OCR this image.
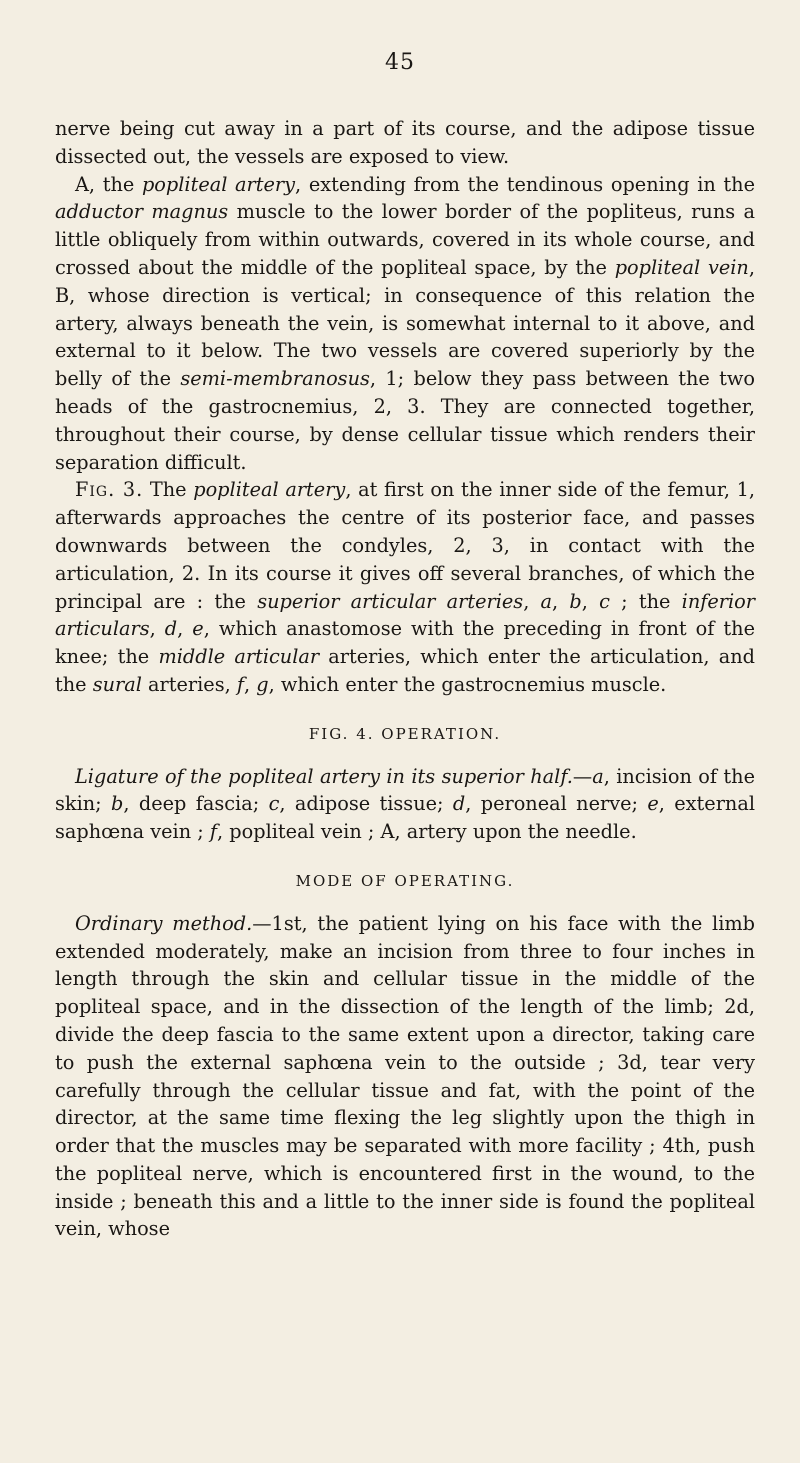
45

nerve being cut away in a part of its course, and the adipose tissue dissected out, the vessels are exposed to view.

A, the popliteal artery, extending from the tendinous opening in the adductor magnus muscle to the lower border of the popliteus, runs a little obliquely from within outwards, covered in its whole course, and crossed about the middle of the popliteal space, by the popliteal vein, B, whose direction is vertical; in consequence of this relation the artery, always beneath the vein, is somewhat internal to it above, and external to it below. The two vessels are covered superiorly by the belly of the semi-membranosus, 1; below they pass between the two heads of the gastrocnemius, 2, 3. They are connected together, throughout their course, by dense cellular tissue which renders their separation difficult.

Fig. 3. The popliteal artery, at first on the inner side of the femur, 1, afterwards approaches the centre of its posterior face, and passes downwards between the condyles, 2, 3, in contact with the articulation, 2. In its course it gives off several branches, of which the principal are : the superior articular arteries, a, b, c ; the inferior articulars, d, e, which anastomose with the preceding in front of the knee; the middle articular arteries, which enter the articulation, and the sural arteries, f, g, which enter the gastrocnemius muscle.

FIG. 4. OPERATION.

Ligature of the popliteal artery in its superior half.—a, incision of the skin; b, deep fascia; c, adipose tissue; d, peroneal nerve; e, external saphœna vein ; f, popliteal vein ; A, artery upon the needle.

MODE OF OPERATING.

Ordinary method.—1st, the patient lying on his face with the limb extended moderately, make an incision from three to four inches in length through the skin and cellular tissue in the middle of the popliteal space, and in the dissection of the length of the limb; 2d, divide the deep fascia to the same extent upon a director, taking care to push the external saphœna vein to the outside ; 3d, tear very carefully through the cellular tissue and fat, with the point of the director, at the same time flexing the leg slightly upon the thigh in order that the muscles may be separated with more facility ; 4th, push the popliteal nerve, which is encountered first in the wound, to the inside ; beneath this and a little to the inner side is found the popliteal vein, whose
